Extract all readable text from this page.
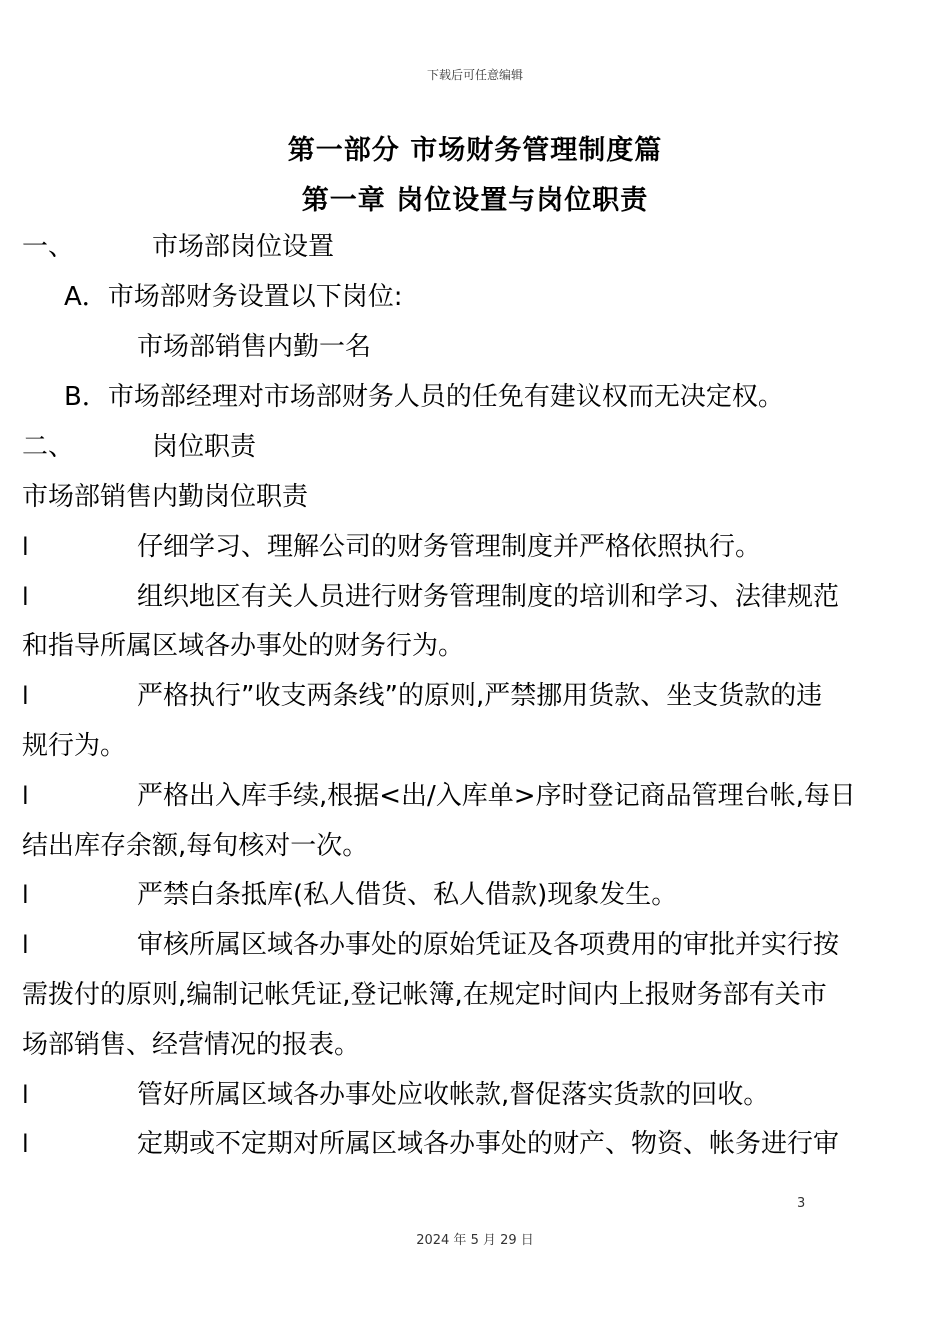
下载后可任意编辑
第一部分 市场财务管理制度篇
第一章 岗位设置与岗位职责
一、	市场部岗位设置
A．市场部财务设置以下岗位:
市场部销售内勤一名
B．市场部经理对市场部财务人员的任免有建议权而无决定权。
二、	岗位职责
市场部销售内勤岗位职责
l	仔细学习、理解公司的财务管理制度并严格依照执行。
l	组织地区有关人员进行财务管理制度的培训和学习、法律规范
和指导所属区域各办事处的财务行为。
l	严格执行”收支两条线”的原则,严禁挪用货款、坐支货款的违
规行为。
l	严格出入库手续,根据<出/入库单>序时登记商品管理台帐,每日
结出库存余额,每旬核对一次。
l	严禁白条抵库(私人借货、私人借款)现象发生。
l	审核所属区域各办事处的原始凭证及各项费用的审批并实行按
需拨付的原则,编制记帐凭证,登记帐簿,在规定时间内上报财务部有关市
场部销售、经营情况的报表。
l	管好所属区域各办事处应收帐款,督促落实货款的回收。
l	定期或不定期对所属区域各办事处的财产、物资、帐务进行审
3
2024 年 5 月 29 日
